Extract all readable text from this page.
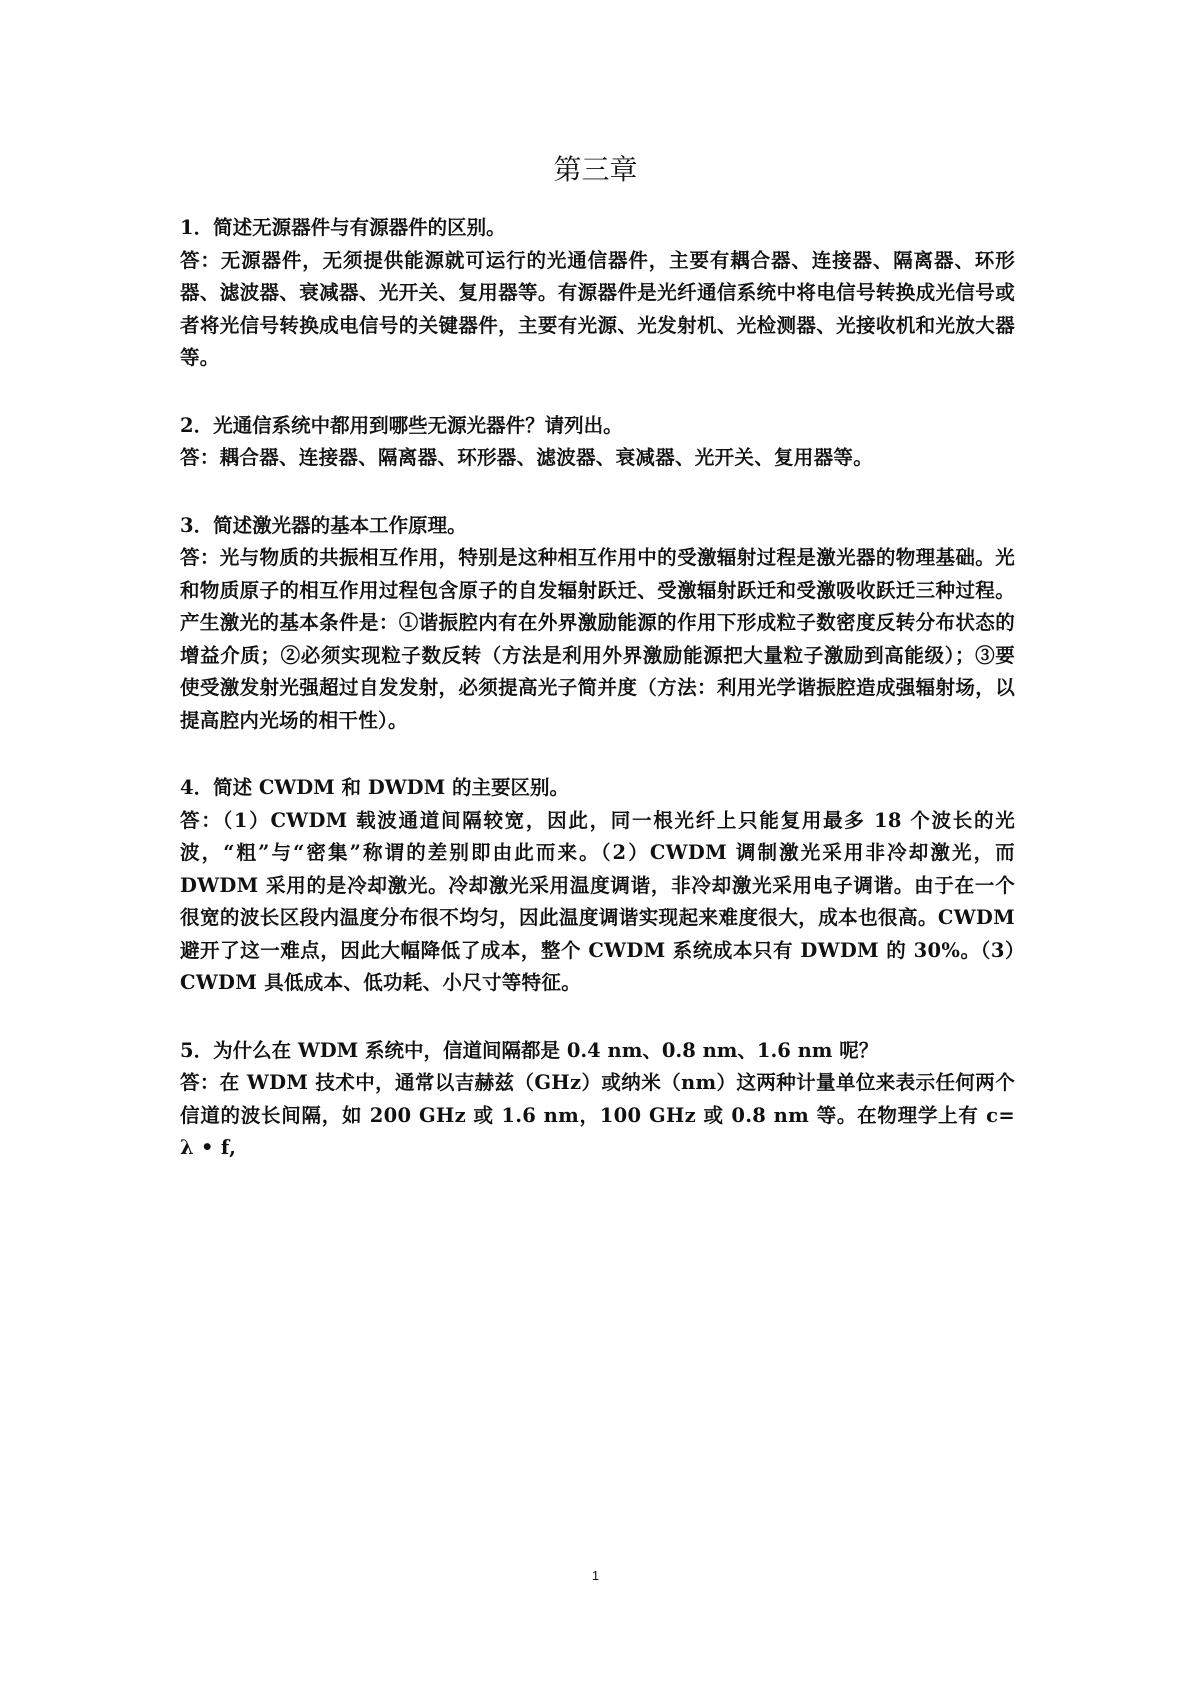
第三章

1．简述无源器件与有源器件的区别。

答：无源器件，无须提供能源就可运行的光通信器件，主要有耦合器、连接器、隔离器、环形器、滤波器、衰减器、光开关、复用器等。有源器件是光纤通信系统中将电信号转换成光信号或者将光信号转换成电信号的关键器件，主要有光源、光发射机、光检测器、光接收机和光放大器等。

2．光通信系统中都用到哪些无源光器件？请列出。

答：耦合器、连接器、隔离器、环形器、滤波器、衰减器、光开关、复用器等。

3．简述激光器的基本工作原理。

答：光与物质的共振相互作用，特别是这种相互作用中的受激辐射过程是激光器的物理基础。光和物质原子的相互作用过程包含原子的自发辐射跃迁、受激辐射跃迁和受激吸收跃迁三种过程。产生激光的基本条件是：①谐振腔内有在外界激励能源的作用下形成粒子数密度反转分布状态的增益介质；②必须实现粒子数反转（方法是利用外界激励能源把大量粒子激励到高能级）；③要使受激发射光强超过自发发射，必须提高光子简并度（方法：利用光学谐振腔造成强辐射场，以提高腔内光场的相干性）。

4．简述 CWDM 和 DWDM 的主要区别。

答：（1）CWDM 载波通道间隔较宽，因此，同一根光纤上只能复用最多 18 个波长的光波，“粗”与“密集”称谓的差别即由此而来。（2）CWDM 调制激光采用非冷却激光，而 DWDM 采用的是冷却激光。冷却激光采用温度调谐，非冷却激光采用电子调谐。由于在一个很宽的波长区段内温度分布很不均匀，因此温度调谐实现起来难度很大，成本也很高。CWDM 避开了这一难点，因此大幅降低了成本，整个 CWDM 系统成本只有 DWDM 的 30%。（3）CWDM 具低成本、低功耗、小尺寸等特征。

5．为什么在 WDM 系统中，信道间隔都是 0.4 nm、0.8 nm、1.6 nm 呢？

答：在 WDM 技术中，通常以吉赫兹（GHz）或纳米（nm）这两种计量单位来表示任何两个信道的波长间隔，如 200 GHz 或 1.6 nm，100 GHz 或 0.8 nm 等。在物理学上有 c= λ • f,

1
